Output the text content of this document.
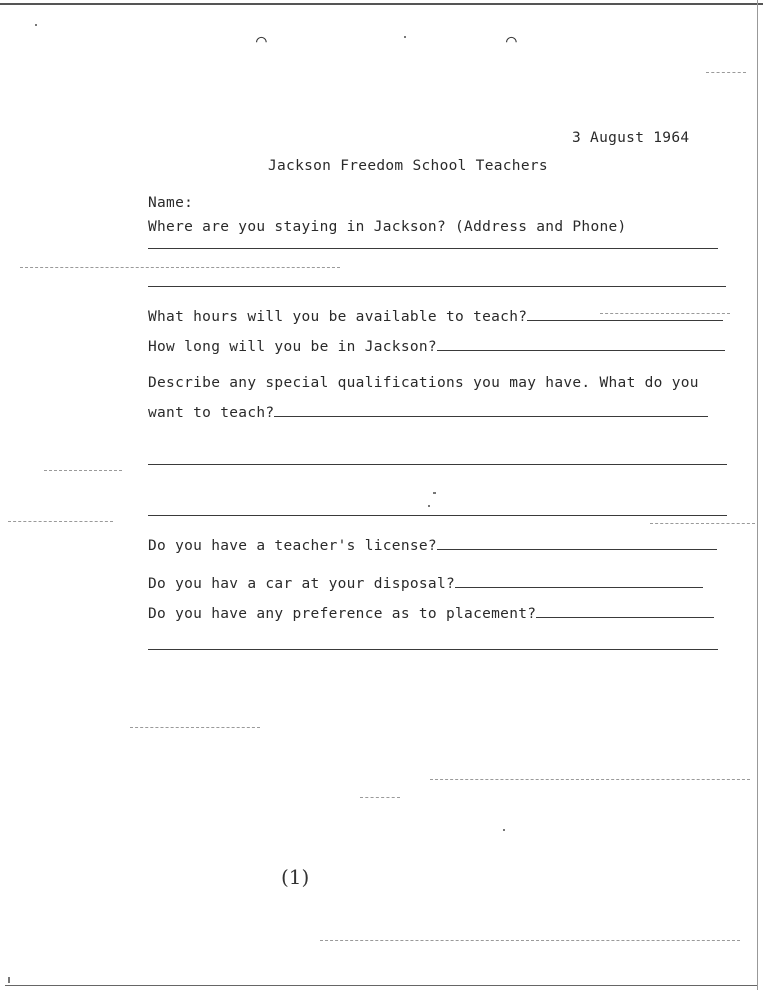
⌒	⌒
3 August 1964
Jackson Freedom School Teachers
Name:
Where are you staying in Jackson? (Address and Phone)
What hours will you be available to teach?
How long will you be in Jackson?
Describe any special qualifications you may have. What do you
want to teach?
Do you have a teacher's license?
Do you hav a car at your disposal?
Do you have any preference as to placement?
(1)
